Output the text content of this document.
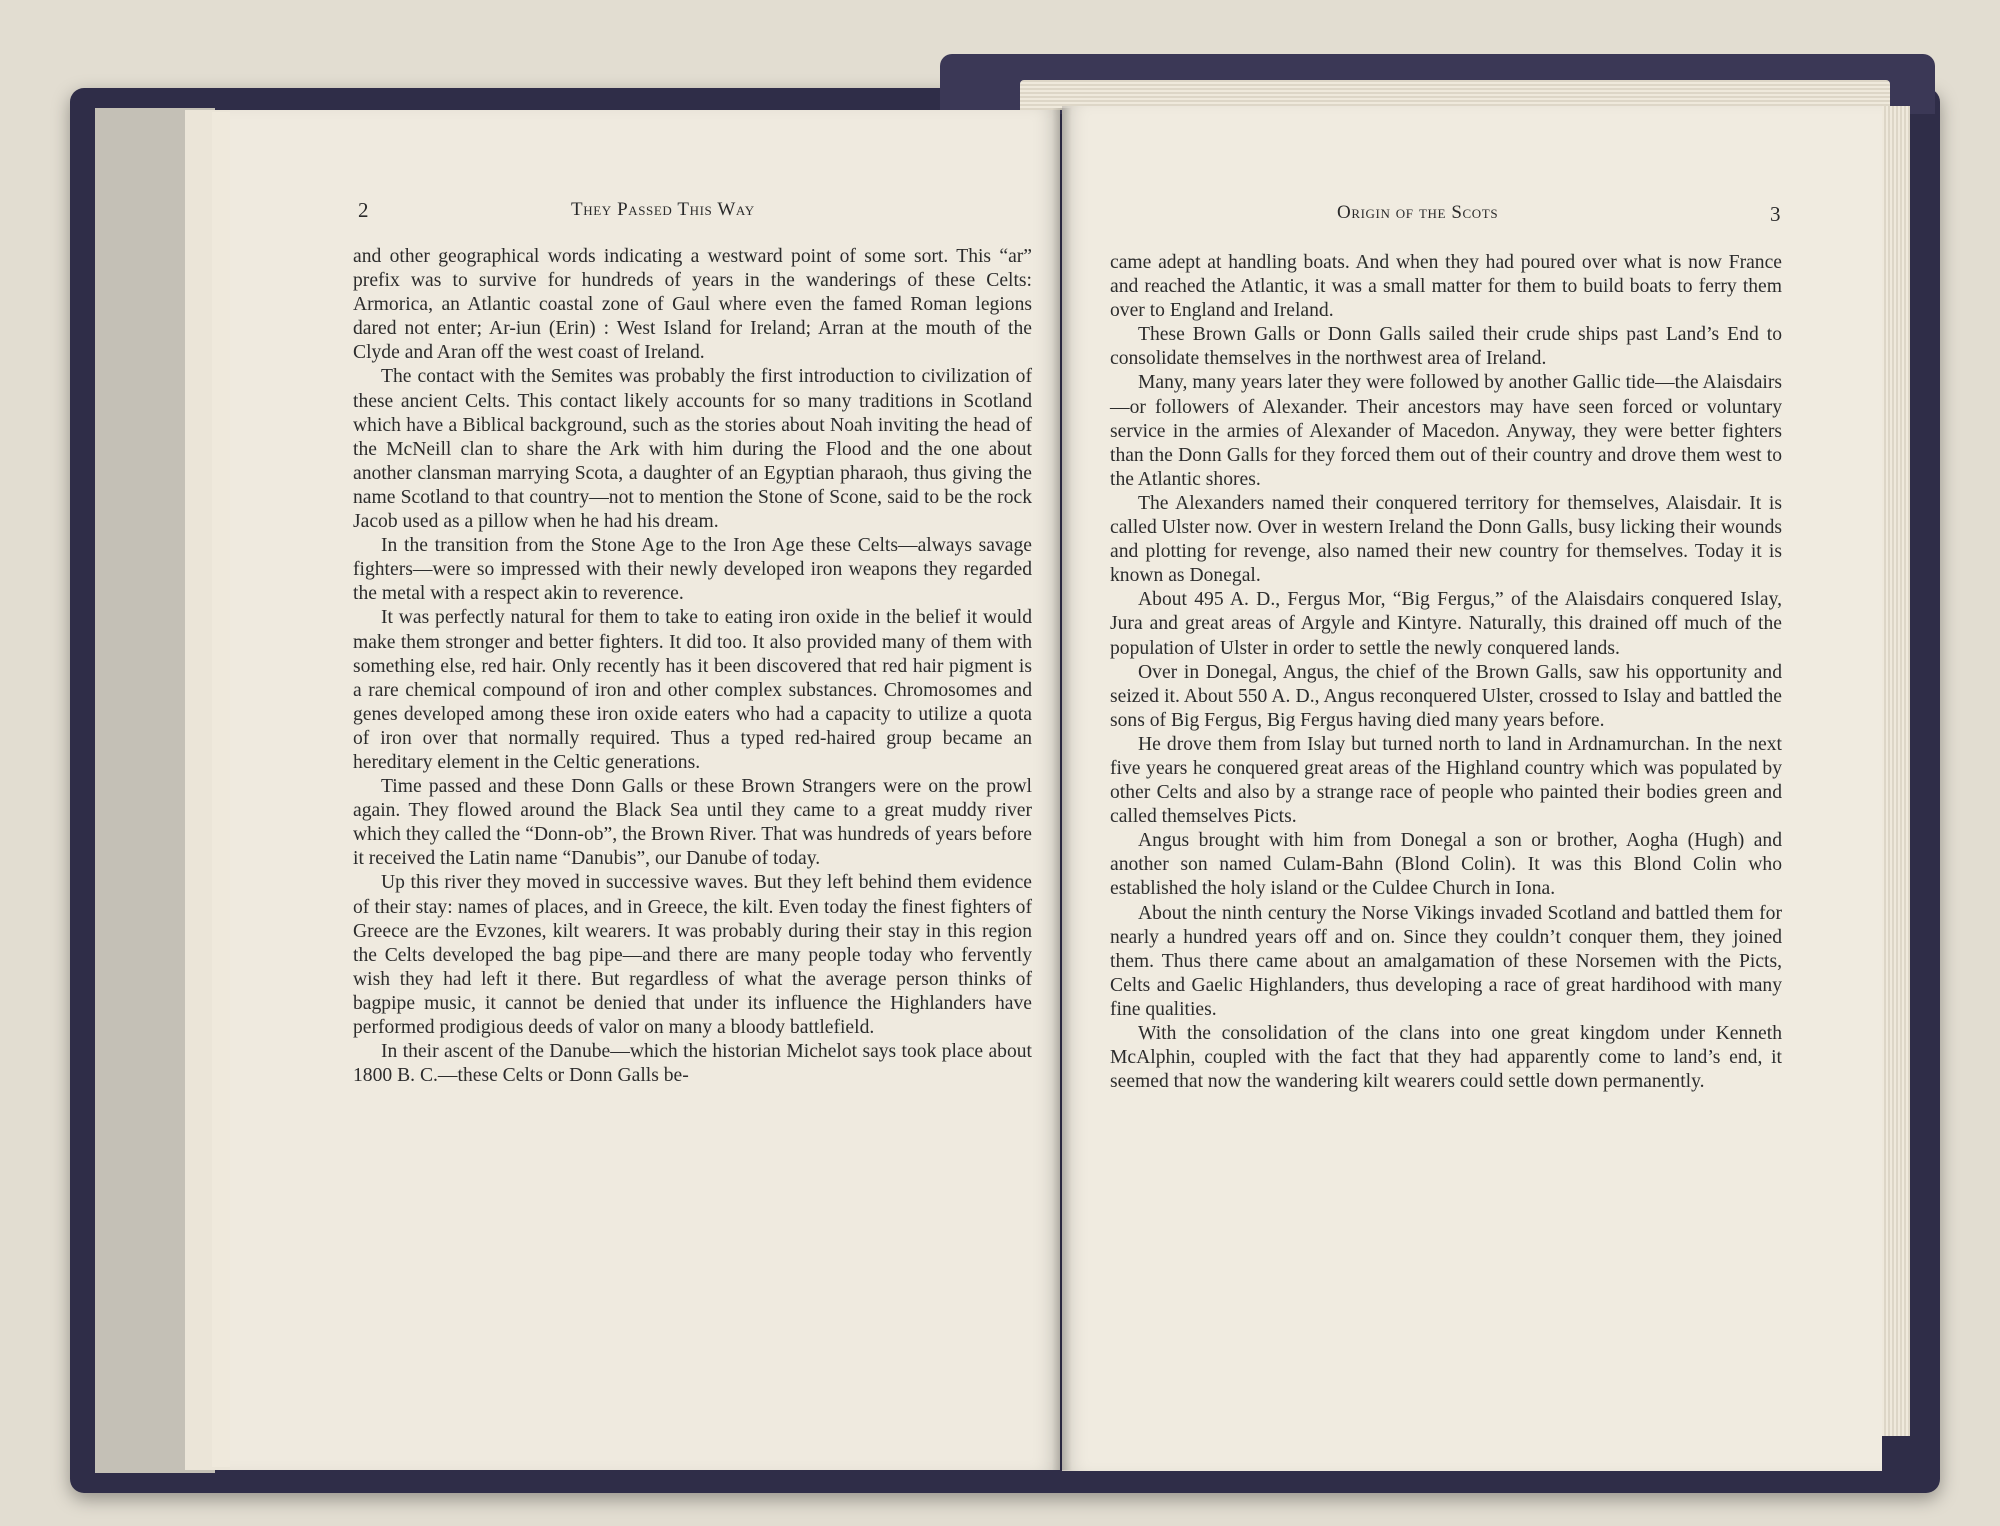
2	They Passed This Way	Origin of the Scots	3

and other geographical words indicating a westward point of some sort. This “ar” prefix was to survive for hundreds of years in the wanderings of these Celts: Armorica, an Atlantic coastal zone of Gaul where even the famed Roman legions dared not enter; Ar-iun (Erin) : West Island for Ireland; Arran at the mouth of the Clyde and Aran off the west coast of Ireland.

The contact with the Semites was probably the first introduction to civilization of these ancient Celts. This contact likely accounts for so many traditions in Scotland which have a Biblical background, such as the stories about Noah inviting the head of the McNeill clan to share the Ark with him during the Flood and the one about another clansman marrying Scota, a daughter of an Egyptian pharaoh, thus giving the name Scotland to that country—not to mention the Stone of Scone, said to be the rock Jacob used as a pillow when he had his dream.

In the transition from the Stone Age to the Iron Age these Celts—always savage fighters—were so impressed with their newly developed iron weapons they regarded the metal with a respect akin to reverence.

It was perfectly natural for them to take to eating iron oxide in the belief it would make them stronger and better fighters. It did too. It also provided many of them with something else, red hair. Only recently has it been discovered that red hair pigment is a rare chemical compound of iron and other complex substances. Chromosomes and genes developed among these iron oxide eaters who had a capacity to utilize a quota of iron over that normally required. Thus a typed red-haired group became an hereditary element in the Celtic generations.

Time passed and these Donn Galls or these Brown Strangers were on the prowl again. They flowed around the Black Sea until they came to a great muddy river which they called the “Donn-ob”, the Brown River. That was hundreds of years before it received the Latin name “Danubis”, our Danube of today.

Up this river they moved in successive waves. But they left behind them evidence of their stay: names of places, and in Greece, the kilt. Even today the finest fighters of Greece are the Evzones, kilt wearers. It was probably during their stay in this region the Celts developed the bag pipe—and there are many people today who fervently wish they had left it there. But regardless of what the average person thinks of bagpipe music, it cannot be denied that under its influence the Highlanders have performed prodigious deeds of valor on many a bloody battlefield.

In their ascent of the Danube—which the historian Michelot says took place about 1800 B. C.—these Celts or Donn Galls be-

came adept at handling boats. And when they had poured over what is now France and reached the Atlantic, it was a small matter for them to build boats to ferry them over to England and Ireland.

These Brown Galls or Donn Galls sailed their crude ships past Land’s End to consolidate themselves in the northwest area of Ireland.

Many, many years later they were followed by another Gallic tide—the Alaisdairs—or followers of Alexander. Their ancestors may have seen forced or voluntary service in the armies of Alexander of Macedon. Anyway, they were better fighters than the Donn Galls for they forced them out of their country and drove them west to the Atlantic shores.

The Alexanders named their conquered territory for themselves, Alaisdair. It is called Ulster now. Over in western Ireland the Donn Galls, busy licking their wounds and plotting for revenge, also named their new country for themselves. Today it is known as Donegal.

About 495 A. D., Fergus Mor, “Big Fergus,” of the Alaisdairs conquered Islay, Jura and great areas of Argyle and Kintyre. Naturally, this drained off much of the population of Ulster in order to settle the newly conquered lands.

Over in Donegal, Angus, the chief of the Brown Galls, saw his opportunity and seized it. About 550 A. D., Angus reconquered Ulster, crossed to Islay and battled the sons of Big Fergus, Big Fergus having died many years before.

He drove them from Islay but turned north to land in Ardnamurchan. In the next five years he conquered great areas of the Highland country which was populated by other Celts and also by a strange race of people who painted their bodies green and called themselves Picts.

Angus brought with him from Donegal a son or brother, Aogha (Hugh) and another son named Culam-Bahn (Blond Colin). It was this Blond Colin who established the holy island or the Culdee Church in Iona.

About the ninth century the Norse Vikings invaded Scotland and battled them for nearly a hundred years off and on. Since they couldn’t conquer them, they joined them. Thus there came about an amalgamation of these Norsemen with the Picts, Celts and Gaelic Highlanders, thus developing a race of great hardihood with many fine qualities.

With the consolidation of the clans into one great kingdom under Kenneth McAlphin, coupled with the fact that they had apparently come to land’s end, it seemed that now the wandering kilt wearers could settle down permanently.
